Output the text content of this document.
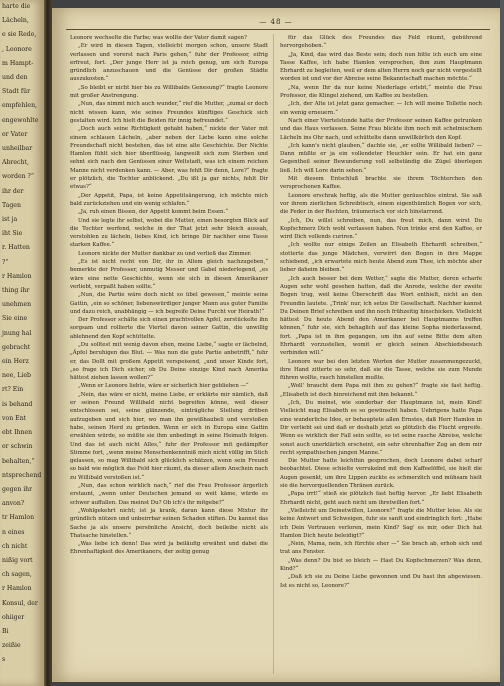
harte die
Lächeln,
e sie Rede,
, Leonore
m Hampt-
und den
Stadt für
empfehlen,
engewohlte
er Vater
unheilbar
Abrecht,
worden ?“
ihr der
Tagen
ist ja
iht Sie
r. Hatten
?“
r Hamlon
thing ihr
unehmen
Sie eine
jnung hal
gebracht
ein Herz
nee, Lieb
rt? Ein
is behand
von Ent
ebt Ihnen
er schwin
behalten,“
ntsprechend
gegen ihr
anvon?
tr Hamlon
n eines
ch nicht
nißig vort
ch sagen,
r Hamlon
Konsul, der
ohiiger
Bi
zeißie
s
— 48 —

Leonore wechselte die Farbe; was wollte der Vater damit sagen?

„Er wird in diesen Tagen, vielleicht morgen schon, unsere Stadt verlassen und vorerst nach Paris gehen,“ fuhr der Professor, eifrig erfreut, fort. „Der junge Herr ist ja reich genug, um sich Europa gründlich anzuschauen und die Genüsse der großen Städte auszukosten.“

„So bleibt er nicht hier bis zu Willibalds Genesung?“ fragte Leonore mit großer Anstrengung.

„Nun, das nimmt mich auch wunder,“ rief die Mutter, „zumal er doch nicht wissen kann, wie seines Freundes künftiges Geschick sich gestalten wird. Ich hielt die Beiden für innig befreundet.“

„Doch auch seine Richtigkeit gehabt haben,“ nickte der Vater mit einem schlauen Lächeln, „aber neben der Liebe kann eine solche Freundschaft nicht bestehen, das ist eine alte Geschichte. Der Nichte Hamlon fühlt sich hier überflüssig, langweilt sich zum Sterben und sehnt sich nach den Genüssen einer Weltstadt, was ich einem reichen Manne nicht verdenken kann. — Aber, was fehlt Dir denn, Lore?“ fragte er plötzlich, die Tochter anblickend. „Du ißt ja gar nichts, fehlt Dir etwas?“

„Der Appetit, Papa, ist keine Appetitsängerung, ich möchte mich bald zurückziehen und ein wenig schlafen.“

„Ja, ruh einen Bissen, der Appetit kommt beim Essen.“

Und sie legte ihr selbst, wobei die Mutter, einen besorgten Blick auf die Tochter werfend, welche in der That jetzt sehr bleich aussah, verstohlen zu lächeln, liebes Kind, ich bringe Dir nachher eine Tasse starken Kaffee.“

Leonore nickte der Mutter dankbar zu und verließ das Zimmer.

„Es ist nicht recht von Dir, ihr in Allem gleich nachzugeben,“ bemerkte der Professer, unmutig Messer und Gabel niederlegend, „es wäre eine nette Geschichte, wenn sie sich in diesen Amerikaner verliebt, verpaßt haben sollte.“

„Nun, die Partie wäre doch nicht so übel gewesen,“ meinte seine Gattin, „ein so schöner, liebenswürdiger junger Mann aus guter Familie und dazu reich, unabhängig — ich begreife Deine Furcht vor Heirath!“

Der Professor schälte sich einen prachtvollen Apfel, zerstückelte ihn sorgsam und rollierte die Viertel davon seiner Gattin, die unwillig ablehnend den Kopf schüttelte.

„Du solltest mit wenig davon ehen, meine Liebe,“ sagte er lächelnd, „Äpfel beruhigen das Blut. — Was nun die gute Partie anbetrifft,“ fuhr er, das Dollt mit großem Appetit verspeisend, „und unser Kinde fort, „so frage ich Dich sicher, ob Du Deine einzige Kind nach Amerika hättest ziehen lassen wollen?“

„Wenn er Leonore liebte, wäre er sicherlich hier geblieben —“

„Nein, das wäre er nicht, meine Liebe, er erklärte mir nämlich, daß er seinen Freund Willibald nicht begreifen könne, weil dieser entschlossen sei, seine glänzende, einträgliche Stellung drüben aufzugeben und sich hier, wo man ihn gewißhaubeli und verstoßen habe, seinen Herd zu gründen. Wenn er sich in Europa eine Gattin erwählen würde, so müßte sie ihm unbedingt in seine Heimath folgen. Und das ist auch nicht Alles,“ fuhr der Professor mit gedämpfter Stimme fort, „wenn meine Menschenkenntniß mich nicht völlig im Stich gelassen, so mag Willibald sich glücklich schätzen, wenn sein Freund so bald wie möglich das Feld hier räumt, da dieser allem Anschein nach zu Willibald verstoßen ist.“

„Nun, das schon wirklich nach,“ rief die Frau Professor ärgerlich erstaunt, „wenn unter Deutschen jemand so weit käme, würde es schwer auffallen. Das meinst Du? Ob ich's ihr mitgebe?“

„Wohlgekehrt nicht; ist ja krank, daran kann diese Mixtur ihr gründlich nützen und unbeirrbar seinen Schaden stiften. Du kannst das Sache ja als unsere persönliche Ansicht, doch beileibe nicht als Thatsache hinstellen.“

„Was liebe ich denn! Das wird ja beiläufig erwähnt und dabei die Ehrenhaftigkeit des Amerikaners, der zeitig genug

für das Glück des Freundes das Feld räumt, gebührend hervorgehoben.“

„Ja, Kind, das wird das Beste sein; doch nun bitte ich euch um eine Tasse Kaffee, ich habe Hamlon versprochen, ihm zum Hauptmann Ehrhardt zu begleiten, weil er dem alten Herrn noch gar nicht vorgestellt worden ist und vor der Abreise seine Bekanntschaft machen möchte.“

„Na, wenn Ihr da nur keine Niederlage erlebt,“ meinte die Frau Professor, die Klingel ziehend, um Kaffee zu bestellen.

„Ich, der Alte ist jetzt ganz gemacher. — Ich will meine Tollette noch ein wenig erneuern.“

Nach einer Viertelstunde hatte der Professor seinen Kaffee getrunken und das Haus verlassen. Seine Frau blickte ihm noch mit schelmischem Lächeln ins Ohr nach, und schüttelte dann unwillkürlich den Kopf.

„Ich kann's nicht glauben,“ dachte sie, „er sollte Willibald lieben? — Dann müßte er ja ein vollendeter Heuchler sein. Er hat ein ganz Gegentheil seiner Bewunderung voll selbständig die Zügel überlegen ließ. Ich will Lore darin sehen.“

Mit diesem Entschluß brachte sie ihrem Töchterchen den versprochenen Kaffee.

Leonore erschrak heftig, als die Mutter geräuschlos eintrat. Sie saß vor ihrem zierlichen Schreibtisch, einem eigenthümlich Bogen vor sich, die Feder in der Rechten, träumerisch vor sich hinstarrend.

„Ich, Du willst schreiben, nun, das freut mich, dann wirst Du Kopfschmerz Dich wohl verlassen haben. Nun trinke erst den Kaffee, er wird Dich vollends curiren.“

„Ich wollte nur einige Zeilen an Elisabeth Ehrhardt schreiben,“ stotterte das junge Mädchen, verwirrt den Bogen in ihre Mappe schiebend, „ich erwartete mich heute Abend zum Thee, ich möchte aber lieber daheim bleiben.“

„Ich auch besser bei dem Wetter,“ sagte die Mutter, deren scharfe Augen sehr wohl gesehen hatten, daß die Anrede, welche der zweite Bogen trug, weil keine Überschrift das Wort enthielt, nicht an den Freundin lautete. „Trink' nur, ich setze Dir Gesellschaft. Nachher kannst Du Deinen Brief schreiben und ihn noch frühzeitig hinschicken. Vielleicht hättest Du heute Abend den Amerikaner bei Hauptmanns treffen können,“ fuhr sie, sich behaglich auf das kleine Sopha niederlassend, fort. „Papa ist in ihm gegangen, um ihn auf seine Bitte dem alten Ehrhardt vorzustellen, womit er gleich seinen Abschiedsbesuch verbinden will.“

Leonore war bei den letzten Worten der Mutter zusammengezuckt, ihre Hand zitterte so sehr, daß sie die Tasse, welche sie zum Munde führen wollte, rasch hinstellen mußte.

„Woll' braucht dem Papa mit ihm zu gehen?“ fragte sie fast heftig. „Elisabeth ist doch hinreichend mit ihm bekannt.“

„Ich, Du meinst, wie sonderbar der Hauptmann ist, mein Kind! Vielleicht mag Elisabeth es so gewünscht haben. Uebrigens hatte Papa eine wunderliche Idee, er behauptete allen Ernstes, daß Herr Hamlon in Dir verliebt sei und daß er deshalb jetzt so plötzlich die Flucht ergreife. Wenn es wirklich der Fall sein sollte, so ist seine rasche Abreise, welche sonst auch unerklärlich erscheint, ein sehr ehrenhafter Zug an dem mir recht sympathischen jungen Manne.“

Die Mutter hatte leichthin gesprochen, doch Leonore dabei scharf beobachtet. Diese schielte verrukelnd mit dem Kaffeelöffel, sie hielt die Augen gesenkt, um ihre Lippen zuckte es schmerzlich und mühsam hielt sie die hervorquellenden Thränen zurück.

„Papa irrt!“ stieß sie plötzlich fast heftig hervor. „Er liebt Elisabeth Ehrhardt nicht, geht auch nicht um ihretwillen fort.“

„Vielleicht um Deinetwillen, Leonore?“ fragte die Mutter leise. Als sie keine Antwort und Schweigen, fuhr sie sanft und eindringlich fort: „Habe ich Dein Vertrauen verloren, mein Kind? Sag' es mir, oder Dich hat Hamlon Dich heute beleidigt?“

„Nein, Mama, nein, ich fürchte eher —“ Sie brach ab, erhob sich und trat ans Fenster.

„Was denn? Du bist so bleich — Hast Du Kopfschmerzen? Was denn, Kind?“

„Daß ich sie zu Deine Liebe gewonnen und Du hast ihn abgewiesen. Ist es nicht so, Leonore?“
